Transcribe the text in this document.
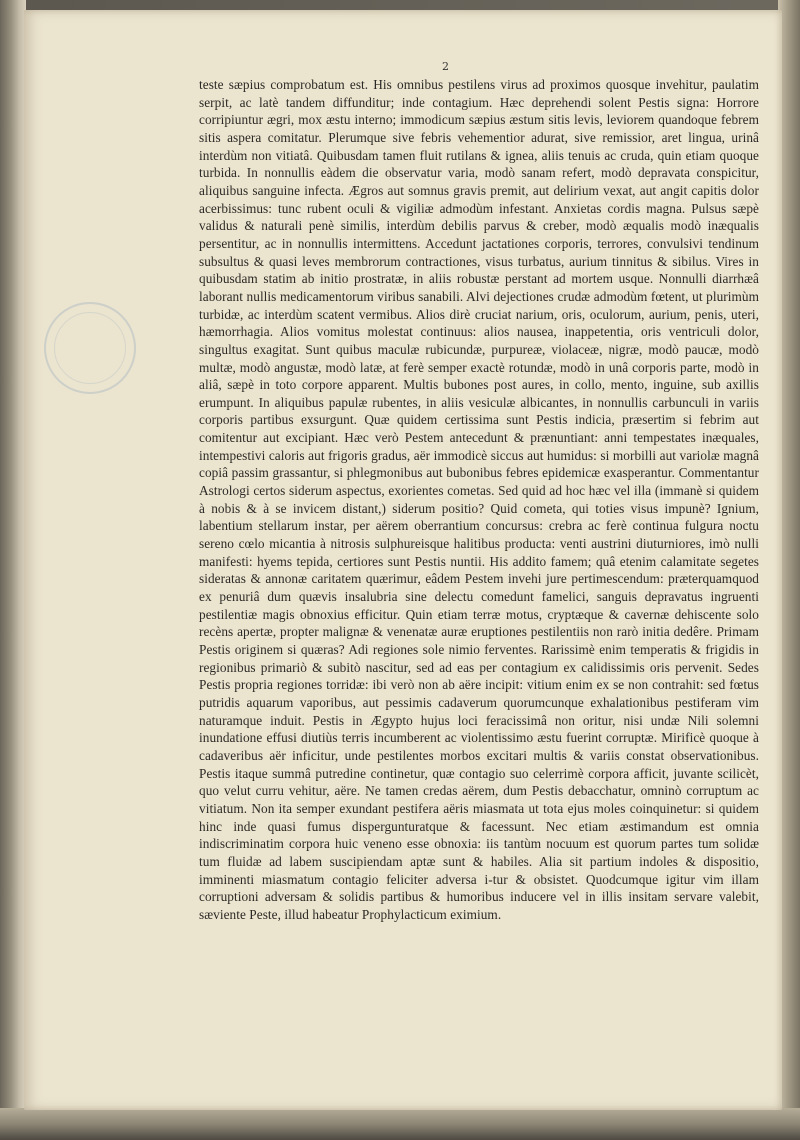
2

teste sæpius comprobatum est. His omnibus pestilens virus ad proximos quosque invehitur, paulatim serpit, ac latè tandem diffunditur; inde contagium. Hæc deprehendi solent Pestis signa: Horrore corripiuntur ægri, mox æstu interno; immodicum sæpius æstum sitis levis, leviorem quandoque febrem sitis aspera comitatur. Plerumque sive febris vehementior adurat, sive remissior, aret lingua, urinâ interdùm non vitiatâ. Quibusdam tamen fluit rutilans & ignea, aliis tenuis ac cruda, quin etiam quoque turbida. In nonnullis eàdem die observatur varia, modò sanam refert, modò depravata conspicitur, aliquibus sanguine infecta. Ægros aut somnus gravis premit, aut delirium vexat, aut angit capitis dolor acerbissimus: tunc rubent oculi & vigiliæ admodùm infestant. Anxietas cordis magna. Pulsus sæpè validus & naturali penè similis, interdùm debilis parvus & creber, modò æqualis modò inæqualis persentitur, ac in nonnullis intermittens. Accedunt jactationes corporis, terrores, convulsivi tendinum subsultus & quasi leves membrorum contractiones, visus turbatus, aurium tinnitus & sibilus. Vires in quibusdam statim ab initio prostratæ, in aliis robustæ perstant ad mortem usque. Nonnulli diarrhæâ laborant nullis medicamentorum viribus sanabili. Alvi dejectiones crudæ admodùm fœtent, ut plurimùm turbidæ, ac interdùm scatent vermibus. Alios dirè cruciat narium, oris, oculorum, aurium, penis, uteri, hæmorrhagia. Alios vomitus molestat continuus: alios nausea, inappetentia, oris ventriculi dolor, singultus exagitat. Sunt quibus maculæ rubicundæ, purpureæ, violaceæ, nigræ, modò paucæ, modò multæ, modò angustæ, modò latæ, at ferè semper exactè rotundæ, modò in unâ corporis parte, modò in aliâ, sæpè in toto corpore apparent. Multis bubones post aures, in collo, mento, inguine, sub axillis erumpunt. In aliquibus papulæ rubentes, in aliis vesiculæ albicantes, in nonnullis carbunculi in variis corporis partibus exsurgunt. Quæ quidem certissima sunt Pestis indicia, præsertim si febrim aut comitentur aut excipiant. Hæc verò Pestem antecedunt & prænuntiant: anni tempestates inæquales, intempestivi caloris aut frigoris gradus, aër immodicè siccus aut humidus: si morbilli aut variolæ magnâ copiâ passim grassantur, si phlegmonibus aut bubonibus febres epidemicæ exasperantur. Commentantur Astrologi certos siderum aspectus, exorientes cometas. Sed quid ad hoc hæc vel illa (immanè si quidem à nobis & à se invicem distant,) siderum positio? Quid cometa, qui toties visus impunè? Ignium, labentium stellarum instar, per aërem oberrantium concursus: crebra ac ferè continua fulgura noctu sereno cœlo micantia à nitrosis sulphureisque halitibus producta: venti austrini diuturniores, imò nulli manifesti: hyems tepida, certiores sunt Pestis nuntii. His addito famem; quâ etenim calamitate segetes sideratas & annonæ caritatem quærimur, eâdem Pestem invehi jure pertimescendum: præterquamquod ex penuriâ dum quævis insalubria sine delectu comedunt famelici, sanguis depravatus ingruenti pestilentiæ magis obnoxius efficitur. Quin etiam terræ motus, cryptæque & cavernæ dehiscente solo recèns apertæ, propter malignæ & venenatæ auræ eruptiones pestilentiis non rarò initia dedêre. Primam Pestis originem si quæras? Adi regiones sole nimio ferventes. Rarissimè enim temperatis & frigidis in regionibus primariò & subitò nascitur, sed ad eas per contagium ex calidissimis oris pervenit. Sedes Pestis propria regiones torridæ: ibi verò non ab aëre incipit: vitium enim ex se non contrahit: sed fœtus putridis aquarum vaporibus, aut pessimis cadaverum quorumcunque exhalationibus pestiferam vim naturamque induit. Pestis in Ægypto hujus loci feracissimâ non oritur, nisi undæ Nili solemni inundatione effusi diutiùs terris incumberent ac violentissimo æstu fuerint corruptæ. Mirificè quoque à cadaveribus aër inficitur, unde pestilentes morbos excitari multis & variis constat observationibus. Pestis itaque summâ putredine continetur, quæ contagio suo celerrimè corpora afficit, juvante scilicèt, quo velut curru vehitur, aëre. Ne tamen credas aërem, dum Pestis debacchatur, omninò corruptum ac vitiatum. Non ita semper exundant pestifera aëris miasmata ut tota ejus moles coinquinetur: si quidem hinc inde quasi fumus dispergunturatque & facessunt. Nec etiam æstimandum est omnia indiscriminatim corpora huic veneno esse obnoxia: iis tantùm nocuum est quorum partes tum solidæ tum fluidæ ad labem suscipiendam aptæ sunt & habiles. Alia sit partium indoles & dispositio, imminenti miasmatum contagio feliciter adversa i-tur & obsistet. Quodcumque igitur vim illam corruptioni adversam & solidis partibus & humoribus inducere vel in illis insitam servare valebit, sæviente Peste, illud habeatur Prophylacticum eximium.
